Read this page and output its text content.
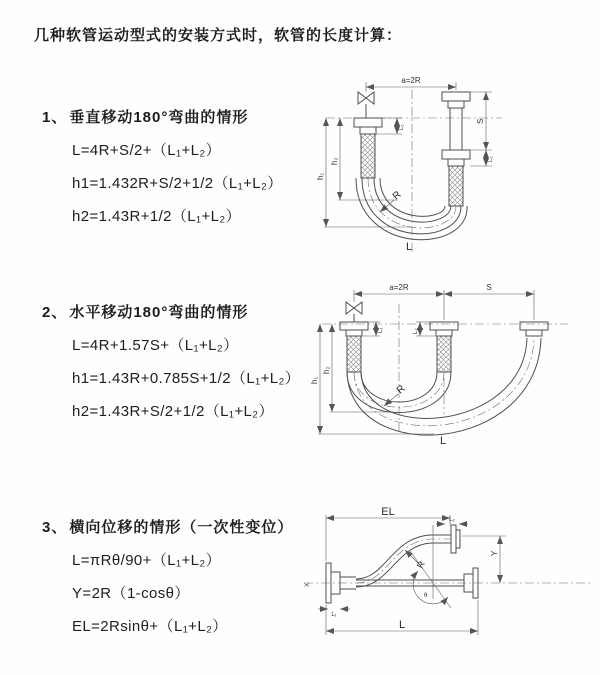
几种软管运动型式的安装方式时，软管的长度计算：
1、 垂直移动180°弯曲的情形
L=4R+S/2+（L₁+L₂）
h1=1.432R+S/2+1/2（L₁+L₂）
h2=1.43R+1/2（L₁+L₂）
2、 水平移动180°弯曲的情形
L=4R+1.57S+（L₁+L₂）
h1=1.43R+0.785S+1/2（L₁+L₂）
h2=1.43R+S/2+1/2（L₁+L₂）
3、 横向位移的情形（一次性变位）
L=πRθ/90+（L₁+L₂）
Y=2R（1-cosθ）
EL=2Rsinθ+（L₁+L₂）
a=2R
L₁
S
L₂
h₂
h₁
R
L
a=2R	S
L₁	L₂
h₂
h₁
R
L
X
EL
L₂
Y
R
θ
L₁
L
